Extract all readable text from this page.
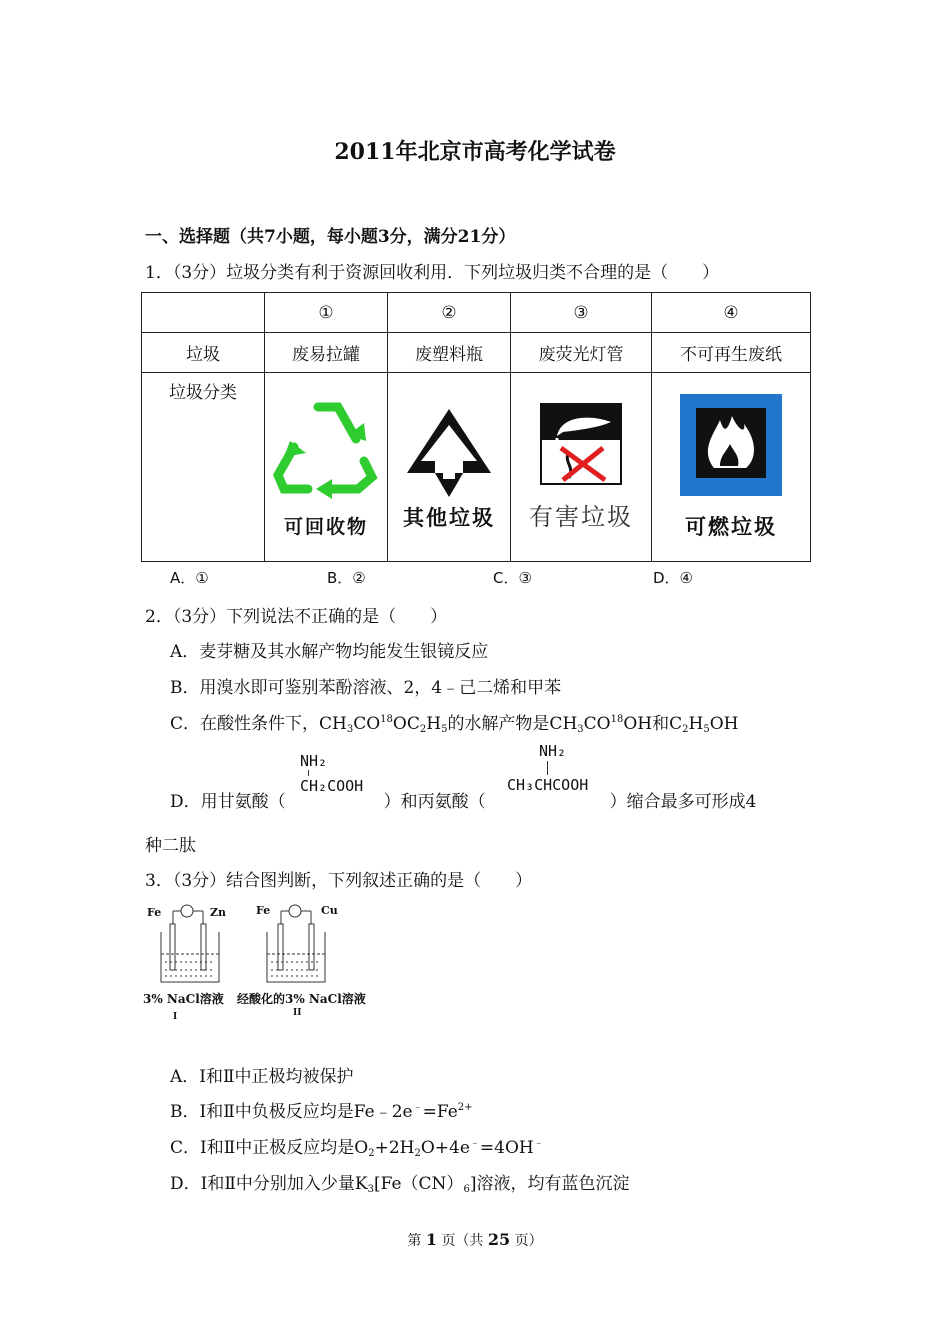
2011年北京市高考化学试卷
一、选择题（共7小题，每小题3分，满分21分）
1．（3分）垃圾分类有利于资源回收利用．下列垃圾归类不合理的是（　　）
	①	②	③	④
垃圾	废易拉罐	废塑料瓶	废荧光灯管	不可再生废纸
垃圾分类	可回收物	其他垃圾	有害垃圾	可燃垃圾
A．①	B．②	C．③	D．④
2．（3分）下列说法不正确的是（　　）
A．麦芽糖及其水解产物均能发生银镜反应
B．用溴水即可鉴别苯酚溶液、2，4﹣己二烯和甲苯
C．在酸性条件下，$CH_3CO^{18}OC_2H_5$的水解产物是$CH_3CO^{18}OH$和$C_2H_5OH$
D．用甘氨酸（	）和丙氨酸（	）缩合最多可形成4
NH₂
CH₂COOH
NH₂
CH₃CHCOOH
种二肽
3．（3分）结合图判断，下列叙述正确的是（　　）
Fe	Zn	Fe	Cu
3% NaCl溶液 经酸化的3% NaCl溶液
I	II
A．Ⅰ和Ⅱ中正极均被保护
B．Ⅰ和Ⅱ中负极反应均是$Fe﹣2e^﹣=Fe^{2+}$
C．Ⅰ和Ⅱ中正极反应均是$O_2+2H_2O+4e^﹣=4OH^﹣$
D．Ⅰ和Ⅱ中分别加入少量$K_3[Fe(CN)_6]$溶液，均有蓝色沉淀
第 1 页（共 25 页）
